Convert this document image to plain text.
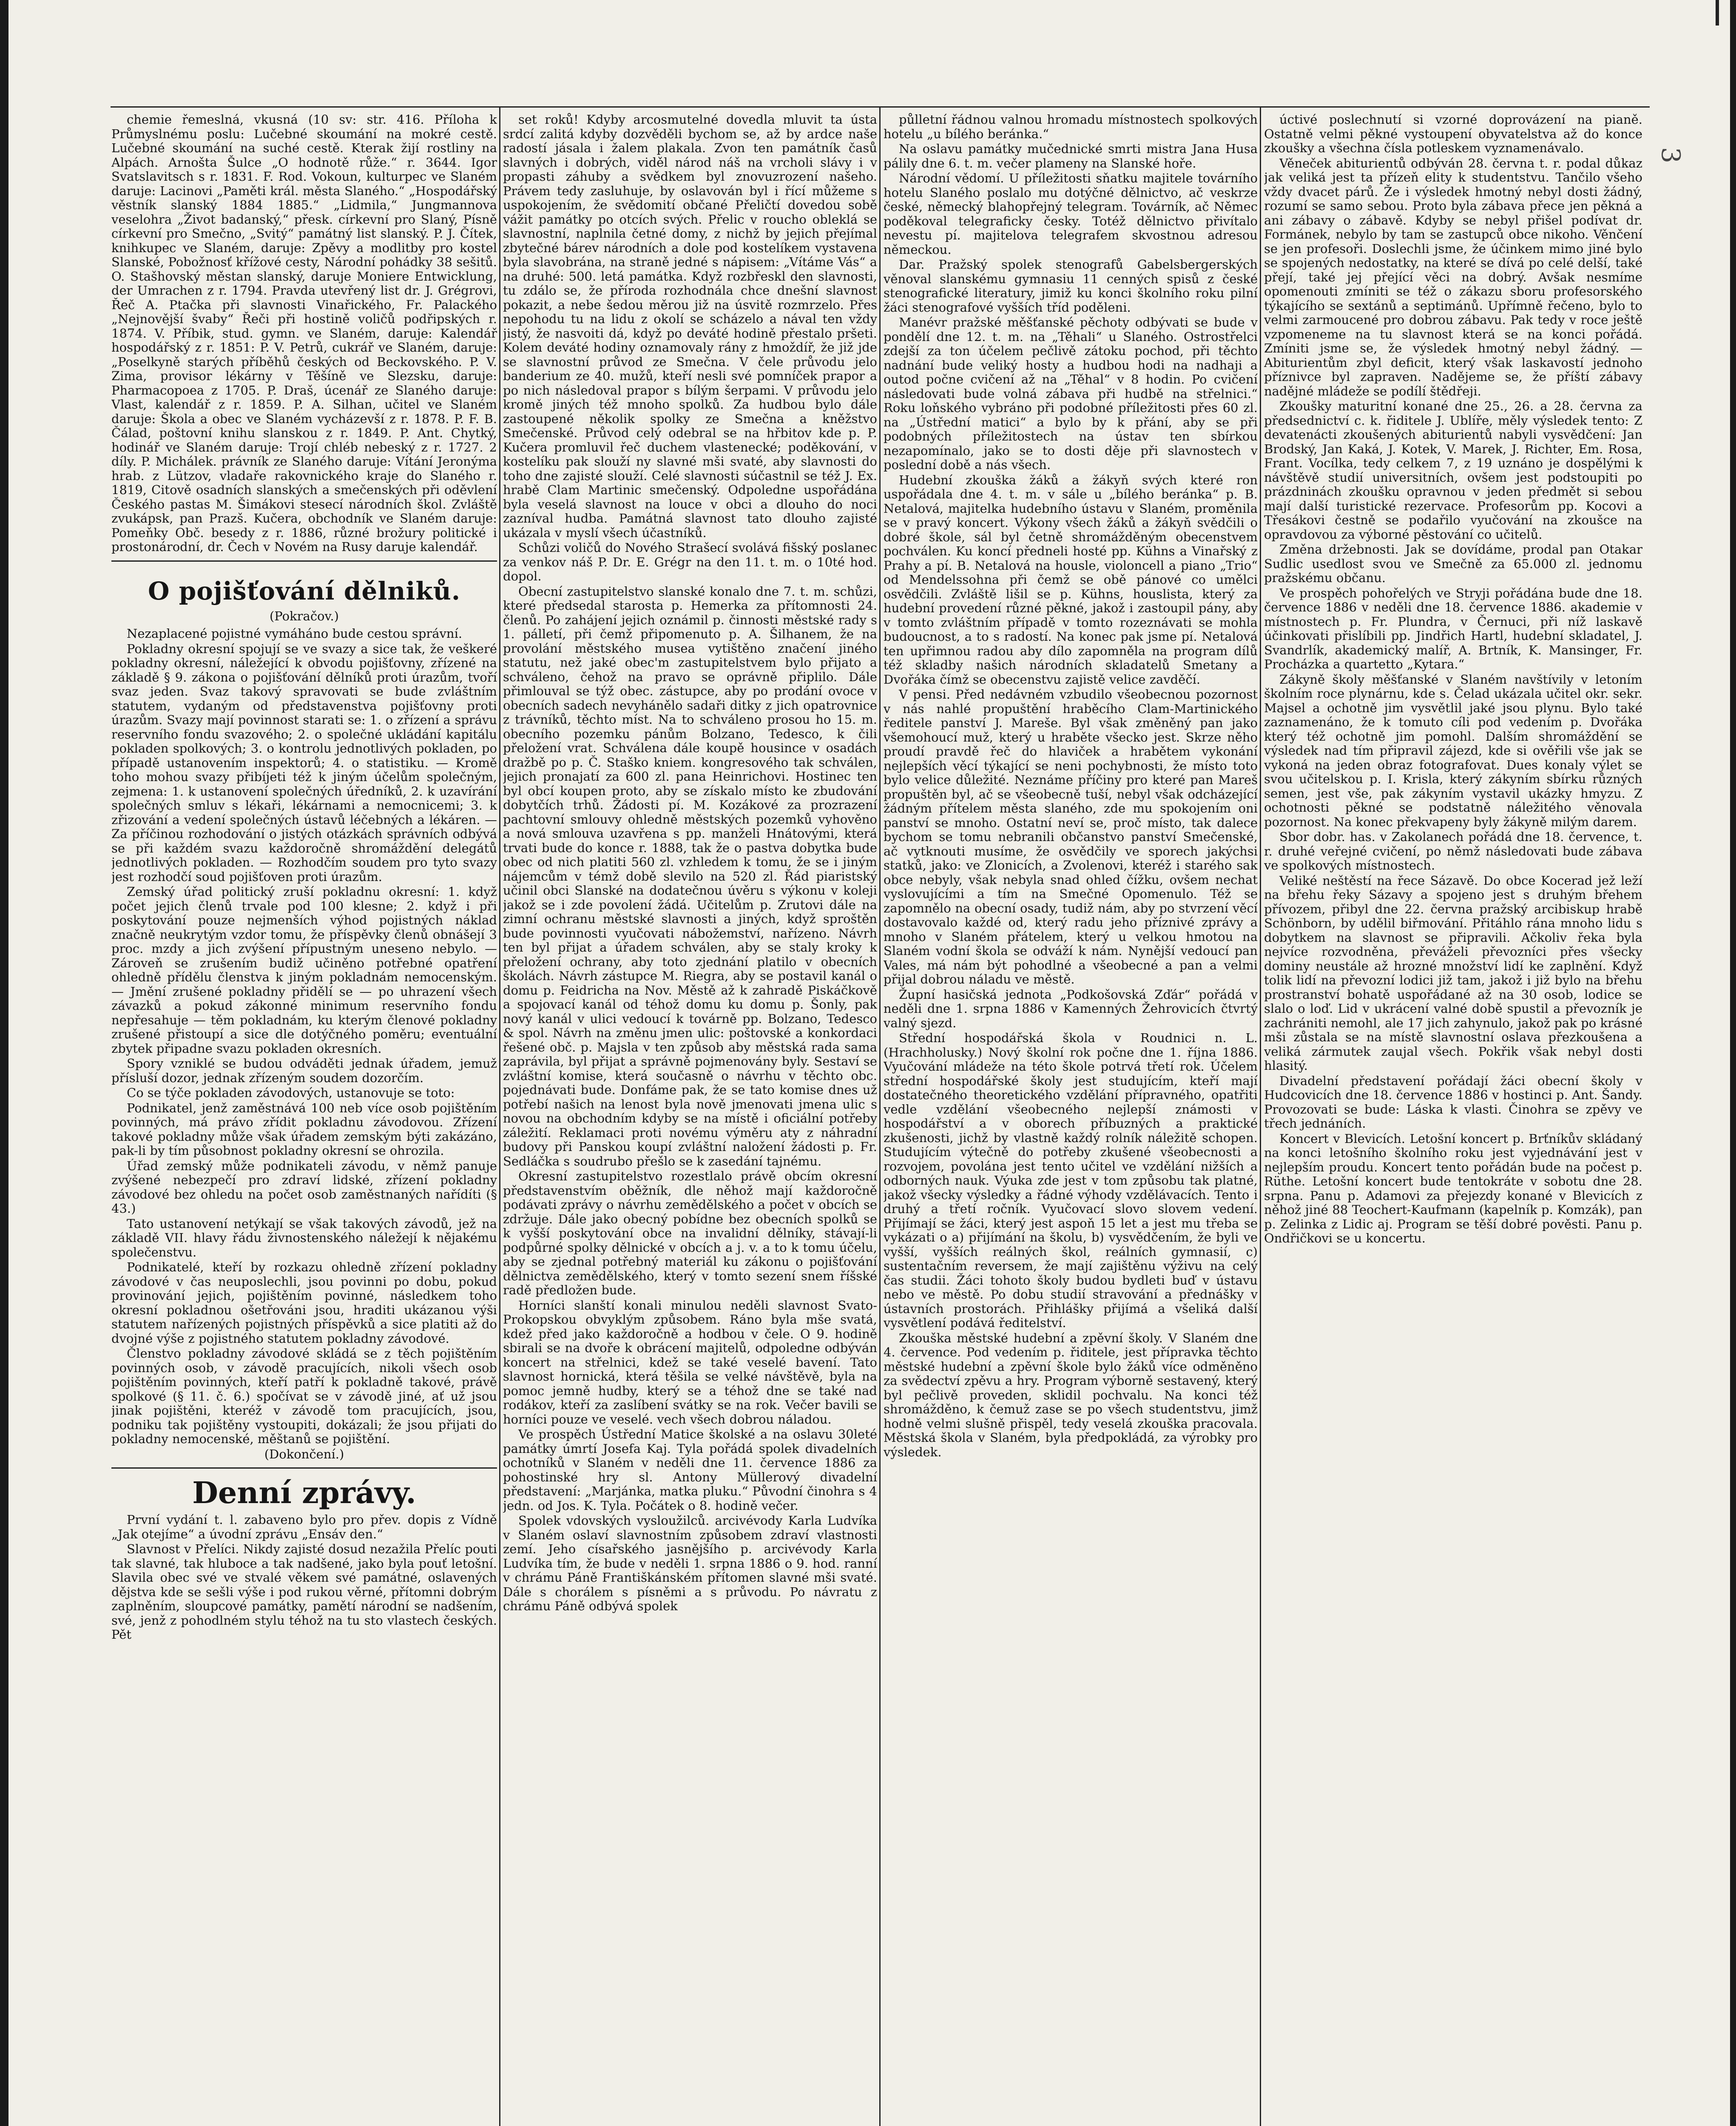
3

chemie řemeslná, vkusná (10 sv: str. 416. Příloha k Průmyslnému poslu: Lučebné skoumání na mokré cestě. Lučebné skoumání na suché cestě. Kterak žijí rostliny na Alpách. Arnošta Šulce „O hodnotě růže.“ r. 3644. Igor Svatslavitsch s r. 1831. F. Rod. Vokoun, kulturpec ve Slaném daruje: Lacinovi „Paměti král. města Slaného.“ „Hospodářský věstník slanský 1884 1885.“ „Lidmila,“ Jungmannova veselohra „Život badanský,“ přesk. církevní pro Slaný, Písně církevní pro Smečno, „Svitý“ památný list slanský. P. J. Čítek, knihkupec ve Slaném, daruje: Zpěvy a modlitby pro kostel Slanské, Pobožnosť křížové cesty, Národní pohádky 38 sešitů. O. Stašhovský městan slanský, daruje Moniere Entwicklung, der Umrachen z r. 1794. Pravda utevřený list dr. J. Grégrovi, Řeč A. Ptačka při slavnosti Vinařického, Fr. Palackého „Nejnovější švaby“ Řeči při hostině voličů podřipských r. 1874. V. Příbik, stud. gymn. ve Slaném, daruje: Kalendář hospodářský z r. 1851: P. V. Petrů, cukrář ve Slaném, daruje: „Poselkyně starých příběhů českých od Beckovského. P. V. Zima, provisor lékárny v Těšíně ve Slezsku, daruje: Pharmacopoea z 1705. P. Draš, úcenář ze Slaného daruje: Vlast, kalendář z r. 1859. P. A. Silhan, učitel ve Slaném daruje: Škola a obec ve Slaném vycházevší z r. 1878. P. F. B. Čálad, poštovní knihu slanskou z r. 1849. P. Ant. Chytký, hodinář ve Slaném daruje: Trojí chléb nebeský z r. 1727. 2 díly. P. Michálek. právník ze Slaného daruje: Vítání Jeronýma hrab. z Lützov, vladaře rakovnického kraje do Slaného r. 1819, Citově osadních slanských a smečenských při oděvlení Českého pastas M. Šimákovi stesecí národních škol. Zvláště zvukápsk, pan Prazš. Kučera, obchodník ve Slaném daruje: Pomeňky Obč. besedy z r. 1886, různé brožury politické i prostonárodní, dr. Čech v Novém na Rusy daruje kalendář.

O pojišťování dělniků.

(Pokračov.)

Nezaplacené pojistné vymáháno bude cestou správní.

Pokladny okresní spojují se ve svazy a sice tak, že veškeré pokladny okresní, náležející k obvodu pojišťovny, zřízené na základě § 9. zákona o pojišťování dělníků proti úrazům, tvoří svaz jeden. Svaz takový spravovati se bude zvláštním statutem, vydaným od představenstva pojišťovny proti úrazům. Svazy mají povinnost starati se: 1. o zřízení a správu reservního fondu svazového; 2. o společné ukládání kapitálu pokladen spolkových; 3. o kontrolu jednotlivých pokladen, po případě ustanovením inspektorů; 4. o statistiku. — Kromě toho mohou svazy přibíjeti též k jiným účelům společným, zejmena: 1. k ustanovení společných úředníků, 2. k uzavírání společných smluv s lékaři, lékárnami a nemocnicemi; 3. k zřizování a vedení společných ústavů léčebných a lékáren. — Za příčinou rozhodování o jistých otázkách správních odbývá se při každém svazu každoročně shromáždění delegátů jednotlivých pokladen. — Rozhodčím soudem pro tyto svazy jest rozhodčí soud pojišťoven proti úrazům.

Zemský úřad politický zruší pokladnu okresní: 1. když počet jejich členů trvale pod 100 klesne; 2. když i při poskytování pouze nejmenších výhod pojistných náklad značně neukrytým vzdor tomu, že příspěvky členů obnášejí 3 proc. mzdy a jich zvýšení přípustným uneseno nebylo. — Zároveň se zrušením budiž učiněno potřebné opatření ohledně přídělu členstva k jiným pokladnám nemocenským. — Jmění zrušené pokladny přidělí se — po uhrazení všech závazků a pokud zákonné minimum reservního fondu nepřesahuje — těm pokladnám, ku kterým členové pokladny zrušené přistoupí a sice dle dotýčného poměru; eventuální zbytek připadne svazu pokladen okresních.

Spory vzniklé se budou odváděti jednak úřadem, jemuž přísluší dozor, jednak zřízeným soudem dozorčím.

Co se týče pokladen závodových, ustanovuje se toto:

Podnikatel, jenž zaměstnává 100 neb více osob pojištěním povinných, má právo zřídit pokladnu závodovou. Zřízení takové pokladny může však úřadem zemským býti zakázáno, pak-li by tím působnost pokladny okresní se ohrozila.

Úřad zemský může podnikateli závodu, v němž panuje zvýšené nebezpečí pro zdraví lidské, zřízení pokladny závodové bez ohledu na počet osob zaměstnaných nařídíti (§ 43.)

Tato ustanovení netýkají se však takových závodů, jež na základě VII. hlavy řádu živnostenského náležejí k nějakému společenstvu.

Podnikatelé, kteří by rozkazu ohledně zřízení pokladny závodové v čas neuposlechli, jsou povinni po dobu, pokud provinování jejich, pojištěním povinné, následkem toho okresní pokladnou ošetřováni jsou, hraditi ukázanou výši statutem nařízených pojistných příspěvků a sice platiti až do dvojné výše z pojistného statutem pokladny závodové.

Členstvo pokladny závodové skládá se z těch pojištěním povinných osob, v závodě pracujících, nikoli všech osob pojištěním povinných, kteří patří k pokladně takové, právě spolkové (§ 11. č. 6.) spočívat se v závodě jiné, ať už jsou jinak pojištěni, kteréž v závodě tom pracujících, jsou, podniku tak pojištěny vystoupiti, dokázali; že jsou přijati do pokladny nemocenské, měštanů se pojištění.

(Dokončení.)

Denní zprávy.

První vydání t. l. zabaveno bylo pro přev. dopis z Vídně „Jak otejíme“ a úvodní zprávu „Ensáv den.“

Slavnost v Přelíci. Nikdy zajisté dosud nezažila Přelíc pouti tak slavné, tak hluboce a tak nadšené, jako byla pouť letošní. Slavila obec své ve stvalé věkem své památné, oslavených dějstva kde se sešli výše i pod rukou věrné, přítomni dobrým zaplněním, sloupcové památky, pamětí národní se nadšením, své, jenž z pohodlném stylu téhož na tu sto vlastech českých. Pět

set roků! Kdyby arcosmutelné dovedla mluvit ta ústa srdcí zalitá kdyby dozvěděli bychom se, až by ardce naše radostí jásala i žalem plakala. Zvon ten památník časů slavných i dobrých, viděl národ náš na vrcholi slávy i v propasti záhuby a svědkem byl znovuzrození našeho. Právem tedy zasluhuje, by oslavován byl i řící můžeme s uspokojením, že svědomití občané Přeličtí dovedou sobě vážit památky po otcích svých. Přelic v roucho obleklá se slavnostní, naplnila četné domy, z nichž by jejich přejímal zbytečné bárev národních a dole pod kostelíkem vystavena byla slavobrána, na straně jedné s nápisem: „Vítáme Vás“ a na druhé: 500. letá památka. Když rozbřeskl den slavnosti, tu zdálo se, že příroda rozhodnála chce dnešní slavnost pokazit, a nebe šedou měrou již na úsvitě rozmrzelo. Přes nepohodu tu na lidu z okolí se scházelo a nával ten vždy jistý, že nasvoiti dá, když po deváté hodině přestalo pršeti. Kolem deváté hodiny oznamovaly rány z hmoždíř, že již jde se slavnostní průvod ze Smečna. V čele průvodu jelo banderium ze 40. mužů, kteří nesli své pomníček prapor a po nich následoval prapor s bílým šerpami. V průvodu jelo kromě jiných též mnoho spolků. Za hudbou bylo dále zastoupené několik spolky ze Smečna a kněžstvo Smečenské. Průvod celý odebral se na hřbitov kde p. P. Kučera promluvil řeč duchem vlastenecké; poděkování, v kostelíku pak slouží ny slavné mši svaté, aby slavnosti do toho dne zajisté slouží. Celé slavnosti súčastnil se též J. Ex. hrabě Clam Martinic smečenský. Odpoledne uspořádána byla veselá slavnost na louce v obci a dlouho do noci zazníval hudba. Památná slavnost tato dlouho zajisté ukázala v myslí všech účastníků.

Schůzi voličů do Nového Strašecí svolává fišský poslanec za venkov náš P. Dr. E. Grégr na den 11. t. m. o 10té hod. dopol.

Obecní zastupitelstvo slanské konalo dne 7. t. m. schůzi, které předsedal starosta p. Hemerka za přítomnosti 24. členů. Po zahájení jejich oznámil p. činnosti městské rady s 1. pálletí, při čemž připomenuto p. A. Šilhanem, že na provolání městského musea vytištěno značení jiného statutu, než jaké obec'm zastupitelstvem bylo přijato a schváleno, čehož na pravo se oprávně připlilo. Dále přimlouval se týž obec. zástupce, aby po prodání ovoce v obecních sadech nevyhánělo sadaři ditky z jich opatrovnice z trávníků, těchto míst. Na to schváleno prosou ho 15. m. obecního pozemku pánům Bolzano, Tedesco, k čili přeložení vrat. Schválena dále koupě housince v osadách dražbě po p. Č. Staško kniem. kongresového tak schválen, jejich pronajatí za 600 zl. pana Heinrichovi. Hostinec ten byl obcí koupen proto, aby se získalo místo ke zbudování dobytčích trhů. Žádosti pí. M. Kozákové za prozrazení pachtovní smlouvy ohledně městských pozemků vyhověno a nová smlouva uzavřena s pp. manželi Hnátovými, která trvati bude do konce r. 1888, tak že o pastva dobytka bude obec od nich platiti 560 zl. vzhledem k tomu, že se i jiným nájemcům v témž době slevilo na 520 zl. Řád piaristský učinil obci Slanské na dodatečnou úvěru s výkonu v koleji jakož se i zde povolení žádá. Učitelům p. Zrutovi dále na zimní ochranu městské slavnosti a jiných, když sproštěn bude povinnosti vyučovati nábožemství, nařízeno. Návrh ten byl přijat a úřadem schválen, aby se staly kroky k přeložení ochrany, aby toto zjednání platilo v obecních školách. Návrh zástupce M. Riegra, aby se postavil kanál o domu p. Feidricha na Nov. Městě až k zahradě Piskáčkově a spojovací kanál od téhož domu ku domu p. Šonly, pak nový kanál v ulici vedoucí k továrně pp. Bolzano, Tedesco & spol. Návrh na změnu jmen ulic: poštovské a konkordaci řešené obč. p. Majsla v ten způsob aby městská rada sama zaprávila, byl přijat a správně pojmenovány byly. Sestaví se zvláštní komise, která současně o návrhu v těchto obc. pojednávati bude. Donfáme pak, že se tato komise dnes už potřebí našich na lenost byla nově jmenovati jmena ulic s novou na obchodním kdyby se na místě i oficiální potřeby záležití. Reklamaci proti novému výměru aty z náhradní budovy při Panskou koupí zvláštní naložení žádosti p. Fr. Sedláčka s soudrubo přešlo se k zasedání tajnému.

Okresní zastupitelstvo rozestlalo právě obcím okresní představenstvím oběžník, dle něhož mají každoročně podávati zprávy o návrhu zemědělského a počet v obcích se zdržuje. Dále jako obecný pobídne bez obecních spolků se k vyšší poskytování obce na invalidní dělníky, stávají-li podpůrné spolky dělnické v obcích a j. v. a to k tomu účelu, aby se zjednal potřebný materiál ku zákonu o pojišťování dělnictva zemědělského, který v tomto sezení snem říšské radě předložen bude.

Horníci slanští konali minulou neděli slavnost Svato-Prokopskou obvyklým způsobem. Ráno byla mše svatá, kdež před jako každoročně a hodbou v čele. O 9. hodině sbirali se na dvoře k obrácení majitelů, odpoledne odbýván koncert na střelnici, kdež se také veselé bavení. Tato slavnost hornická, která těšila se velké návštěvě, byla na pomoc jemně hudby, který se a téhož dne se také nad rodákov, kteří za zaslíbení svátky se na rok. Večer bavili se horníci pouze ve veselé. vech všech dobrou náladou.

Ve prospěch Ústřední Matice školské a na oslavu 30leté památky úmrtí Josefa Kaj. Tyla pořádá spolek divadelních ochotníků v Slaném v neděli dne 11. července 1886 za pohostinské hry sl. Antony Müllerový divadelní představení: „Marjánka, matka pluku.“ Původní činohra s 4 jedn. od Jos. K. Tyla. Počátek o 8. hodině večer.

Spolek vdovských vysloužilců. arcivévody Karla Ludvíka v Slaném oslaví slavnostním způsobem zdraví vlastnosti zemí. Jeho císařského jasnějšího p. arcivévody Karla Ludvíka tím, že bude v neděli 1. srpna 1886 o 9. hod. ranní v chrámu Páně Františkánském přítomen slavné mši svaté. Dále s chorálem s písněmi a s průvodu. Po návratu z chrámu Páně odbývá spolek

půlletní řádnou valnou hromadu místnostech spolkových hotelu „u bílého beránka.“

Na oslavu památky mučednické smrti mistra Jana Husa pálily dne 6. t. m. večer plameny na Slanské hoře.

Národní vědomí. U příležitosti sňatku majitele továrního hotelu Slaného poslalo mu dotýčné dělnictvo, ač veskrze české, německý blahopřejný telegram. Továrník, ač Němec poděkoval telegraficky česky. Totéž dělnictvo přivítalo nevestu pí. majitelova telegrafem skvostnou adresou německou.

Dar. Pražský spolek stenografů Gabelsbergerských věnoval slanskému gymnasiu 11 cenných spisů z české stenografické literatury, jimiž ku konci školního roku pilní žáci stenografové vyšších tříd poděleni.

Manévr pražské měšťanské pěchoty odbývati se bude v pondělí dne 12. t. m. na „Těhali“ u Slaného. Ostrostřelci zdejší za ton účelem pečlivě zátoku pochod, při těchto nadnání bude veliký hosty a hudbou hodi na nadhaji a outod počne cvičení až na „Těhal“ v 8 hodin. Po cvičení následovati bude volná zábava při hudbě na střelnici.“ Roku loňského vybráno při podobné příležitosti přes 60 zl. na „Ústřední matici“ a bylo by k přání, aby se při podobných příležitostech na ústav ten sbírkou nezapomínalo, jako se to dosti děje při slavnostech v poslední době a nás všech.

Hudební zkouška žáků a žákyň svých které ron uspořádala dne 4. t. m. v sále u „bílého beránka“ p. B. Netalová, majitelka hudebního ústavu v Slaném, proměnila se v pravý koncert. Výkony všech žáků a žákyň svědčili o dobré škole, sál byl četně shromážděným obecenstvem pochválen. Ku koncí předneli hosté pp. Kühns a Vinařský z Prahy a pí. B. Netalová na housle, violoncell a piano „Trio“ od Mendelssohna při čemž se obě pánové co umělci osvědčili. Zvláště lišil se p. Kühns, houslista, který za hudební provedení různé pěkné, jakož i zastoupil pány, aby v tomto zvláštním případě v tomto rozeznávati se mohla budoucnost, a to s radostí. Na konec pak jsme pí. Netalová ten upřimnou radou aby dílo zapomněla na program dílů též skladby našich národních skladatelů Smetany a Dvořáka čímž se obecenstvu zajistě velice zavděčí.

V pensi. Před nedávném vzbudilo všeobecnou pozornost v nás nahlé propuštění hraběcího Clam-Martinického ředitele panství J. Mareše. Byl však změněný pan jako všemohoucí muž, který u hraběte všecko jest. Skrze něho proudí pravdě řeč do hlaviček a hrabětem vykonání nejlepších věcí týkající se neni pochybnosti, že místo toto bylo velice důležité. Neznáme příčiny pro které pan Mareš propuštěn byl, ač se všeobecně tuší, nebyl však odcházející žádným přítelem města slaného, zde mu spokojením oni panství se mnoho. Ostatní neví se, proč místo, tak dalece bychom se tomu nebranili občanstvo panství Smečenské, ač vytknouti musíme, že osvědčily ve sporech jakýchsi statků, jako: ve Zlonicích, a Zvolenovi, kteréž i starého sak obce nebyly, však nebyla snad ohled čížku, ovšem nechat vyslovujícími a tím na Smečné Opomenulo. Též se zapomnělo na obecní osady, tudiž nám, aby po stvrzení věcí dostavovalo každé od, který radu jeho příznivé zprávy a mnoho v Slaném přátelem, který u velkou hmotou na Slaném vodní škola se odváží k nám. Nynější vedoucí pan Vales, má nám být pohodlné a všeobecné a pan a velmi přijal dobrou náladu ve městě.

Župní hasičská jednota „Podkošovská Zďár“ pořádá v neděli dne 1. srpna 1886 v Kamenných Žehrovicích čtvrtý valný sjezd.

Střední hospodářská škola v Roudnici n. L. (Hrachholusky.) Nový školní rok počne dne 1. října 1886. Vyučování mládeže na této škole potrvá třetí rok. Účelem střední hospodářské školy jest studujícím, kteří mají dostatečného theoretického vzdělání přípravného, opatřiti vedle vzdělání všeobecného nejlepší známosti v hospodářství a v oborech příbuzných a praktické zkušenosti, jichž by vlastně každý rolník náležitě schopen. Studujícím výtečně do potřeby zkušené všeobecnosti a rozvojem, povolána jest tento učitel ve vzdělání nižších a odborných nauk. Výuka zde jest v tom způsobu tak platné, jakož všecky výsledky a řádné výhody vzdělávacích. Tento i druhý a třetí ročník. Vyučovací slovo slovem vedení. Přijímají se žáci, který jest aspoň 15 let a jest mu třeba se vykázati o a) přijímání na školu, b) vysvědčením, že byli ve vyšší, vyšších reálných škol, reálních gymnasií, c) sustentačním reversem, že mají zajištěnu výživu na celý čas studii. Žáci tohoto školy budou bydleti buď v ústavu nebo ve městě. Po dobu studií stravování a přednášky v ústavních prostorách. Přihlášky přijímá a všeliká další vysvětlení podává ředitelství.

Zkouška městské hudební a zpěvní školy. V Slaném dne 4. července. Pod vedením p. řiditele, jest přípravka těchto městské hudební a zpěvní škole bylo žáků více odměněno za svědectví zpěvu a hry. Program výborně sestavený, který byl pečlivě proveden, sklidil pochvalu. Na konci též shromážděno, k čemuž zase se po všech studentstvu, jimž hodně velmi slušně přispěl, tedy veselá zkouška pracovala. Městská škola v Slaném, byla předpokládá, za výrobky pro výsledek.

úctivé poslechnutí si vzorné doprovázení na pianě. Ostatně velmi pěkné vystoupení obyvatelstva až do konce zkoušky a všechna čísla potleskem vyznamenávalo.

Věneček abiturientů odbýván 28. června t. r. podal důkaz jak veliká jest ta přízeň elity k studentstvu. Tančilo všeho vždy dvacet párů. Že i výsledek hmotný nebyl dosti žádný, rozumí se samo sebou. Proto byla zábava přece jen pěkná a ani zábavy o zábavě. Kdyby se nebyl přišel podívat dr. Formánek, nebylo by tam se zastupců obce nikoho. Věnčení se jen profesoři. Doslechli jsme, že účinkem mimo jiné bylo se spojených nedostatky, na které se dívá po celé delší, také přejí, také jej přející věci na dobrý. Avšak nesmíme opomenouti zmíniti se též o zákazu sboru profesorského týkajícího se sextánů a septimánů. Upřímně řečeno, bylo to velmi zarmoucené pro dobrou zábavu. Pak tedy v roce ještě vzpomeneme na tu slavnost která se na konci pořádá. Zmíniti jsme se, že výsledek hmotný nebyl žádný. — Abiturientům zbyl deficit, který však laskavostí jednoho příznivce byl zapraven. Nadějeme se, že příští zábavy nadějné mládeže se podílí štědřeji.

Zkoušky maturitní konané dne 25., 26. a 28. června za předsednictví c. k. řiditele J. Ublíře, měly výsledek tento: Z devatenácti zkoušených abiturientů nabyli vysvědčení: Jan Brodský, Jan Kaká, J. Kotek, V. Marek, J. Richter, Em. Rosa, Frant. Vocílka, tedy celkem 7, z 19 uznáno je dospělými k návštěvě studií universitních, ovšem jest podstoupiti po prázdninách zkoušku opravnou v jeden předmět si sebou mají další turistické rezervace. Profesorům pp. Kocovi a Třesákovi čestně se podařilo vyučování na zkoušce na opravdovou za výborné pěstování co učitelů.

Změna držebnosti. Jak se dovídáme, prodal pan Otakar Sudlic usedlost svou ve Smečně za 65.000 zl. jednomu pražskému občanu.

Ve prospěch pohořelých ve Stryji pořádána bude dne 18. července 1886 v neděli dne 18. července 1886. akademie v místnostech p. Fr. Plundra, v Černuci, při níž laskavě účinkovati přislíbili pp. Jindřich Hartl, hudební skladatel, J. Svandrlík, akademický malíř, A. Brtník, K. Mansinger, Fr. Procházka a quartetto „Kytara.“

Zákyně školy měšťanské v Slaném navštívily v letoním školním roce plynárnu, kde s. Čelad ukázala učitel okr. sekr. Majsel a ochotně jim vysvětlil jaké jsou plynu. Bylo také zaznamenáno, že k tomuto cíli pod vedením p. Dvořáka který též ochotně jim pomohl. Dalším shromáždění se výsledek nad tím připravil zájezd, kde si ověřili vše jak se vykoná na jeden obraz fotografovat. Dues konaly výlet se svou učitelskou p. I. Krisla, který zákyním sbírku různých semen, jest vše, pak zákyním vystavil ukázky hmyzu. Z ochotnosti pěkné se podstatně náležitého věnovala pozornost. Na konec překvapeny byly žákyně milým darem.

Sbor dobr. has. v Zakolanech pořádá dne 18. července, t. r. druhé veřejné cvičení, po němž následovati bude zábava ve spolkových místnostech.

Veliké neštěstí na řece Sázavě. Do obce Kocerad jež leží na břehu řeky Sázavy a spojeno jest s druhým břehem přívozem, přibyl dne 22. června pražský arcibiskup hrabě Schönborn, by udělil biřmování. Přitáhlo rána mnoho lidu s dobytkem na slavnost se připravili. Ačkoliv řeka byla nejvíce rozvodněna, převáželi převozníci přes všecky dominy neustále až hrozné množství lidí ke zaplnění. Když tolik lidí na převozní lodici již tam, jakož i již bylo na břehu prostranství bohatě uspořádané až na 30 osob, lodice se slalo o loď. Lid v ukrácení valné době spustil a převozník je zachrániti nemohl, ale 17 jich zahynulo, jakož pak po krásné mši zůstala se na místě slavnostní oslava přezkoušena a veliká zármutek zaujal všech. Pokřik však nebyl dosti hlasitý.

Divadelní představení pořádají žáci obecní školy v Hudcovicích dne 18. července 1886 v hostinci p. Ant. Šandy. Provozovati se bude: Láska k vlasti. Činohra se zpěvy ve třech jednáních.

Koncert v Blevicích. Letošní koncert p. Brťníkův skládaný na konci letošního školního roku jest vyjednávání jest v nejlepším proudu. Koncert tento pořádán bude na počest p. Rüthe. Letošní koncert bude tentokráte v sobotu dne 28. srpna. Panu p. Adamovi za přejezdy konané v Blevicích z něhož jiné 88 Teochert-Kaufmann (kapelník p. Komzák), pan p. Zelinka z Lidic aj. Program se těší dobré pověsti. Panu p. Ondřičkovi se u koncertu.
